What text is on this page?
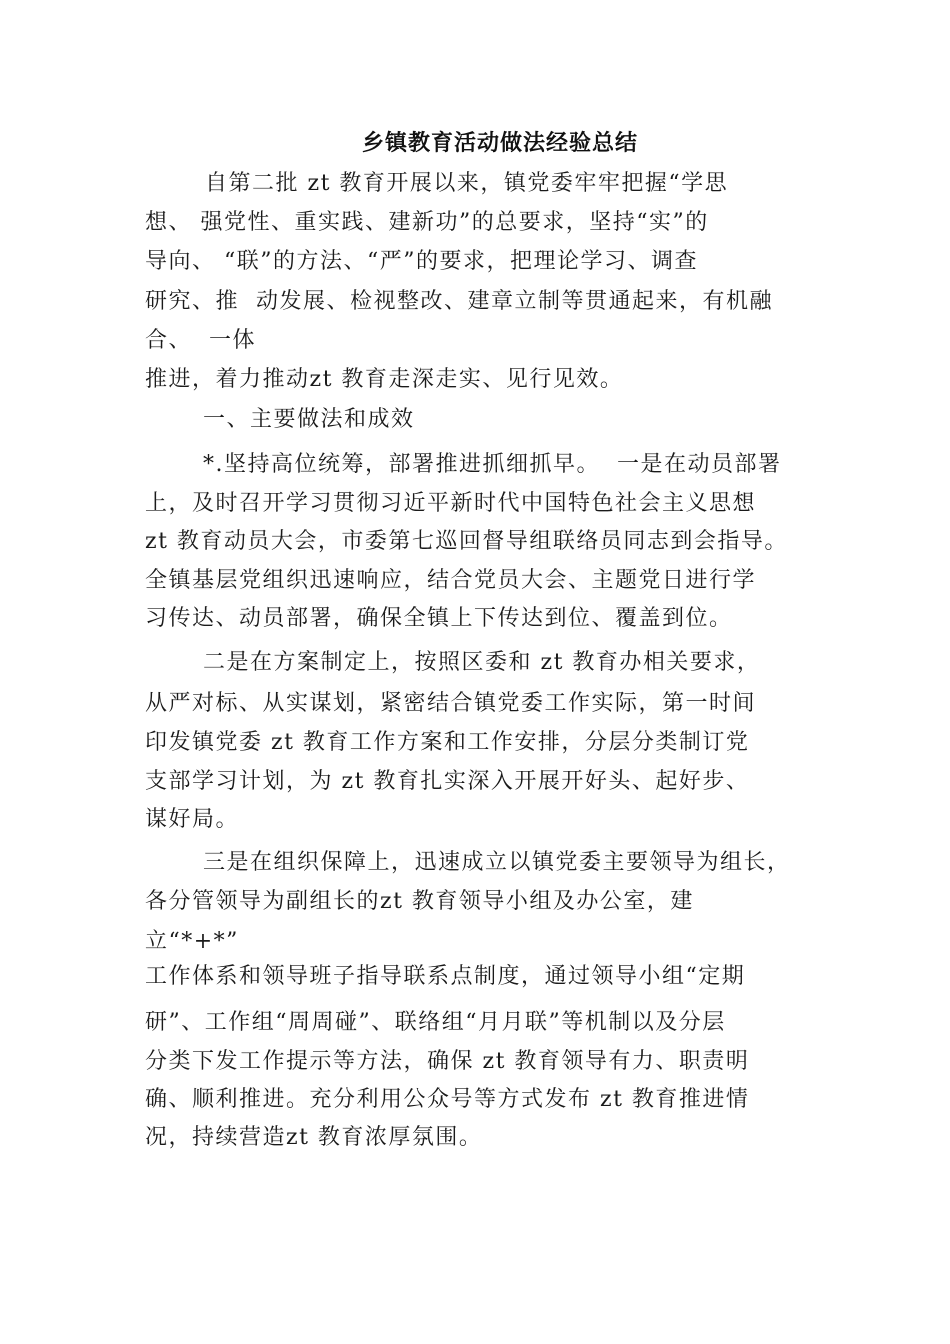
乡镇教育活动做法经验总结
自第二批 zt 教育开展以来，镇党委牢牢把握“学思
想、 强党性、重实践、建新功”的总要求，坚持“实”的
导向、 “联”的方法、“严”的要求，把理论学习、调查
研究、推  动发展、检视整改、建章立制等贯通起来，有机融
合、  一体
推进，着力推动zt 教育走深走实、见行见效。
一、主要做法和成效
*.坚持高位统筹，部署推进抓细抓早。  一是在动员部署
上，及时召开学习贯彻习近平新时代中国特色社会主义思想
zt 教育动员大会，市委第七巡回督导组联络员同志到会指导。
全镇基层党组织迅速响应，结合党员大会、主题党日进行学
习传达、动员部署，确保全镇上下传达到位、覆盖到位。
二是在方案制定上，按照区委和 zt 教育办相关要求，
从严对标、从实谋划，紧密结合镇党委工作实际，第一时间
印发镇党委 zt 教育工作方案和工作安排，分层分类制订党
支部学习计划，为 zt 教育扎实深入开展开好头、起好步、
谋好局。
三是在组织保障上，迅速成立以镇党委主要领导为组长，
各分管领导为副组长的zt 教育领导小组及办公室，建
立“*+*”
工作体系和领导班子指导联系点制度，通过领导小组“定期
研”、工作组“周周碰”、联络组“月月联”等机制以及分层
分类下发工作提示等方法，确保 zt 教育领导有力、职责明
确、顺利推进。充分利用公众号等方式发布 zt 教育推进情
况，持续营造zt 教育浓厚氛围。
